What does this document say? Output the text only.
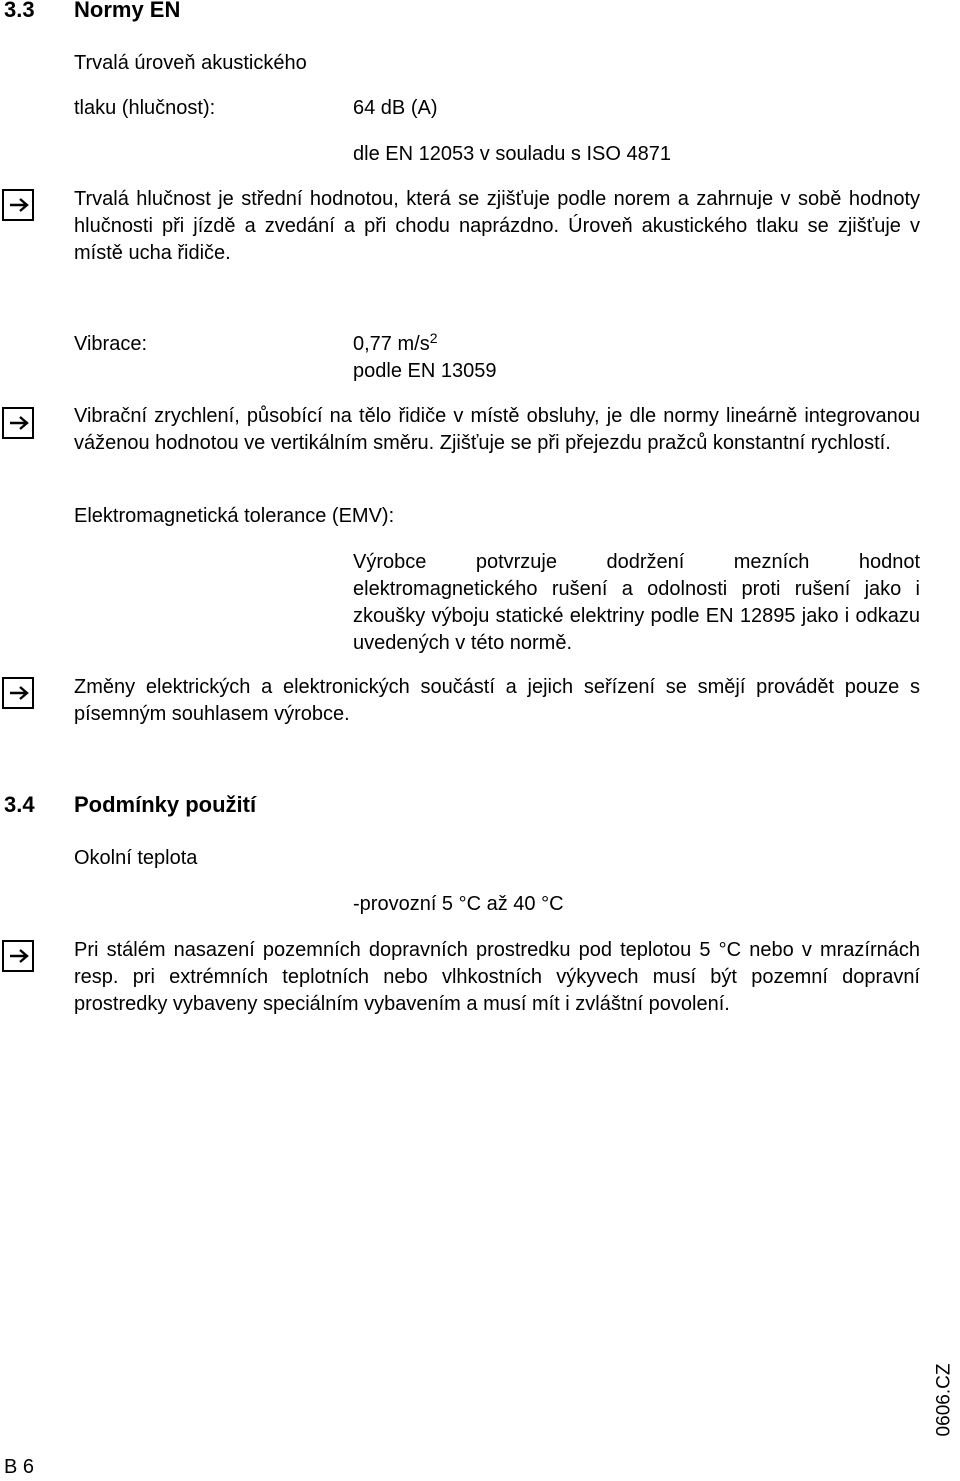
3.3 Normy EN
Trvalá úroveň akustického
tlaku (hlučnost):	64 dB (A)
dle EN 12053 v souladu s ISO 4871
Trvalá hlučnost je střední hodnotou, která se zjišťuje podle norem a zahrnuje v sobě hodnoty hlučnosti při jízdě a zvedání a při chodu naprázdno. Úroveň akustického tlaku se zjišťuje v místě ucha řidiče.
Vibrace:	0,77 $m/s^2$
podle EN 13059
Vibrační zrychlení, působící na tělo řidiče v místě obsluhy, je dle normy lineárně integrovanou váženou hodnotou ve vertikálním směru. Zjišťuje se při přejezdu pražců konstantní rychlostí.
Elektromagnetická tolerance (EMV):
Výrobce potvrzuje dodržení mezních hodnot elektromagnetického rušení a odolnosti proti rušení jako i zkoušky výboju statické elektriny podle EN 12895 jako i odkazu uvedených v této normě.
Změny elektrických a elektronických součástí a jejich seřízení se smějí provádět pouze s písemným souhlasem výrobce.
3.4 Podmínky použití
Okolní teplota
-provozní 5 °C až 40 °C
Pri stálém nasazení pozemních dopravních prostredku pod teplotou 5 °C nebo v mrazírnách resp. pri extrémních teplotních nebo vlhkostních výkyvech musí být pozemní dopravní prostredky vybaveny speciálním vybavením a musí mít i zvláštní povolení.
B 6
0606.CZ
